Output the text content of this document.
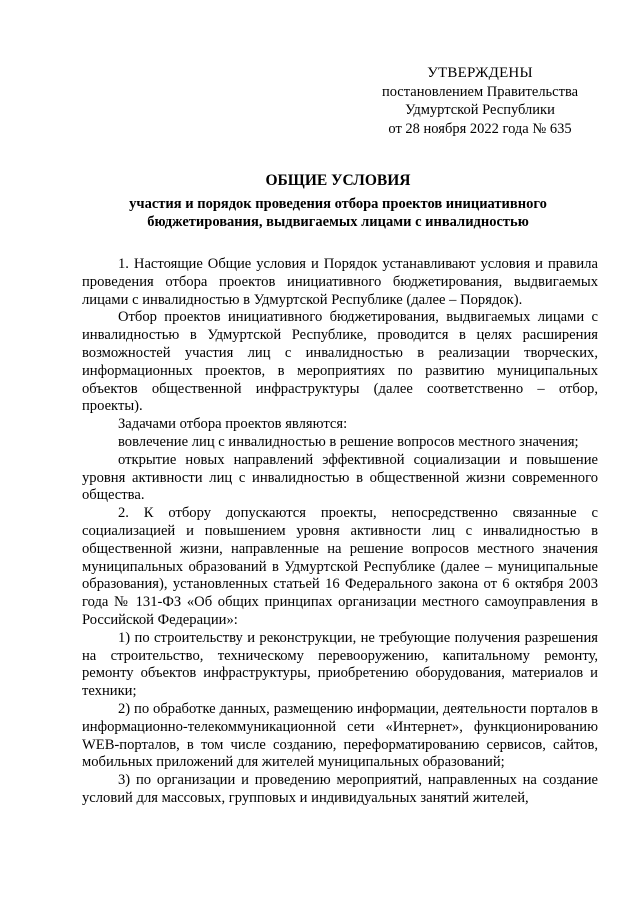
УТВЕРЖДЕНЫ
постановлением Правительства
Удмуртской Республики
от 28 ноября 2022 года № 635
ОБЩИЕ УСЛОВИЯ
участия и порядок проведения отбора проектов инициативного бюджетирования, выдвигаемых лицами с инвалидностью

1. Настоящие Общие условия и Порядок устанавливают условия и правила проведения отбора проектов инициативного бюджетирования, выдвигаемых лицами с инвалидностью в Удмуртской Республике (далее – Порядок).

Отбор проектов инициативного бюджетирования, выдвигаемых лицами с инвалидностью в Удмуртской Республике, проводится в целях расширения возможностей участия лиц с инвалидностью в реализации творческих, информационных проектов, в мероприятиях по развитию муниципальных объектов общественной инфраструктуры (далее соответственно – отбор, проекты).

Задачами отбора проектов являются:

вовлечение лиц с инвалидностью в решение вопросов местного значения;

открытие новых направлений эффективной социализации и повышение уровня активности лиц с инвалидностью в общественной жизни современного общества.

2. К отбору допускаются проекты, непосредственно связанные с социализацией и повышением уровня активности лиц с инвалидностью в общественной жизни, направленные на решение вопросов местного значения муниципальных образований в Удмуртской Республике (далее – муниципальные образования), установленных статьей 16 Федерального закона от 6 октября 2003 года № 131-ФЗ «Об общих принципах организации местного самоуправления в Российской Федерации»:

1) по строительству и реконструкции, не требующие получения разрешения на строительство, техническому перевооружению, капитальному ремонту, ремонту объектов инфраструктуры, приобретению оборудования, материалов и техники;

2) по обработке данных, размещению информации, деятельности порталов в информационно-телекоммуникационной сети «Интернет», функционированию WEB-порталов, в том числе созданию, переформатированию сервисов, сайтов, мобильных приложений для жителей муниципальных образований;

3) по организации и проведению мероприятий, направленных на создание условий для массовых, групповых и индивидуальных занятий жителей,
